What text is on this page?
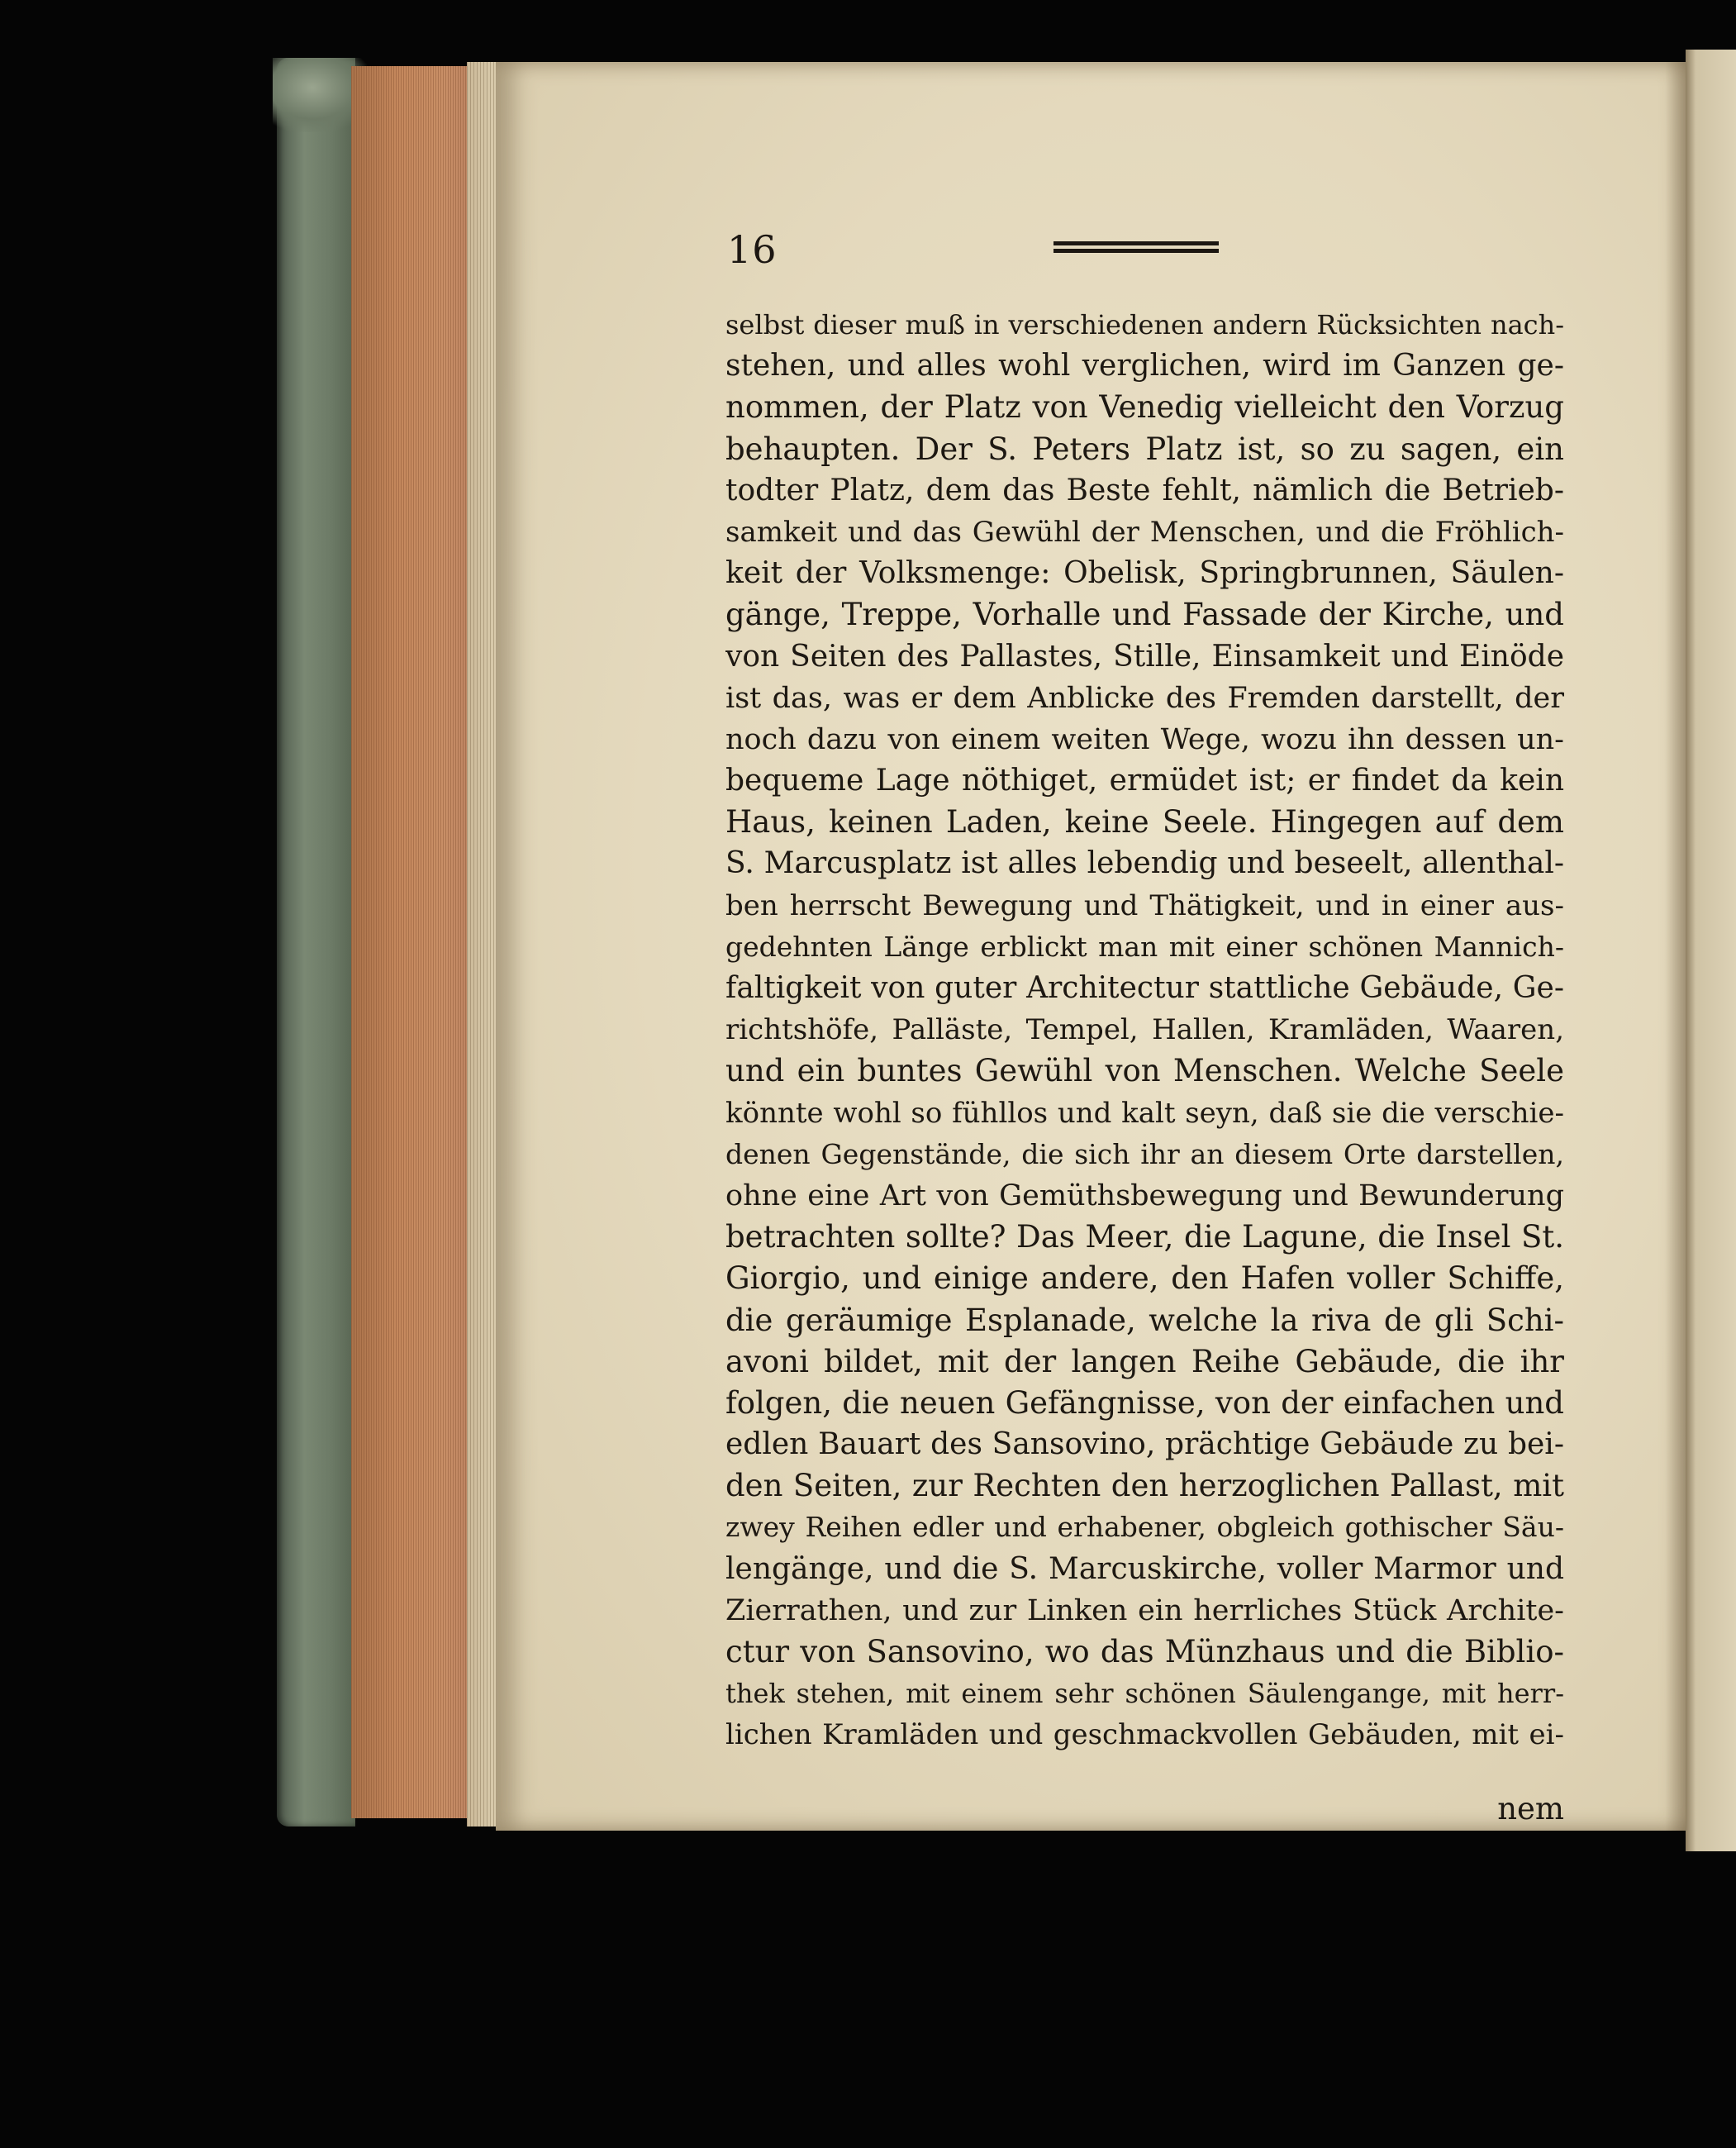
16
selbst dieser muß in verschiedenen andern Rücksichten nach-
stehen, und alles wohl verglichen, wird im Ganzen ge-
nommen, der Platz von Venedig vielleicht den Vorzug
behaupten. Der S. Peters Platz ist, so zu sagen, ein
todter Platz, dem das Beste fehlt, nämlich die Betrieb-
samkeit und das Gewühl der Menschen, und die Fröhlich-
keit der Volksmenge: Obelisk, Springbrunnen, Säulen-
gänge, Treppe, Vorhalle und Fassade der Kirche, und
von Seiten des Pallastes, Stille, Einsamkeit und Einöde
ist das, was er dem Anblicke des Fremden darstellt, der
noch dazu von einem weiten Wege, wozu ihn dessen un-
bequeme Lage nöthiget, ermüdet ist; er findet da kein
Haus, keinen Laden, keine Seele. Hingegen auf dem
S. Marcusplatz ist alles lebendig und beseelt, allenthal-
ben herrscht Bewegung und Thätigkeit, und in einer aus-
gedehnten Länge erblickt man mit einer schönen Mannich-
faltigkeit von guter Architectur stattliche Gebäude, Ge-
richtshöfe, Palläste, Tempel, Hallen, Kramläden, Waaren,
und ein buntes Gewühl von Menschen. Welche Seele
könnte wohl so fühllos und kalt seyn, daß sie die verschie-
denen Gegenstände, die sich ihr an diesem Orte darstellen,
ohne eine Art von Gemüthsbewegung und Bewunderung
betrachten sollte? Das Meer, die Lagune, die Insel St.
Giorgio, und einige andere, den Hafen voller Schiffe,
die geräumige Esplanade, welche la riva de gli Schi-
avoni bildet, mit der langen Reihe Gebäude, die ihr
folgen, die neuen Gefängnisse, von der einfachen und
edlen Bauart des Sansovino, prächtige Gebäude zu bei-
den Seiten, zur Rechten den herzoglichen Pallast, mit
zwey Reihen edler und erhabener, obgleich gothischer Säu-
lengänge, und die S. Marcuskirche, voller Marmor und
Zierrathen, und zur Linken ein herrliches Stück Archite-
ctur von Sansovino, wo das Münzhaus und die Biblio-
thek stehen, mit einem sehr schönen Säulengange, mit herr-
lichen Kramläden und geschmackvollen Gebäuden, mit ei-
nem
